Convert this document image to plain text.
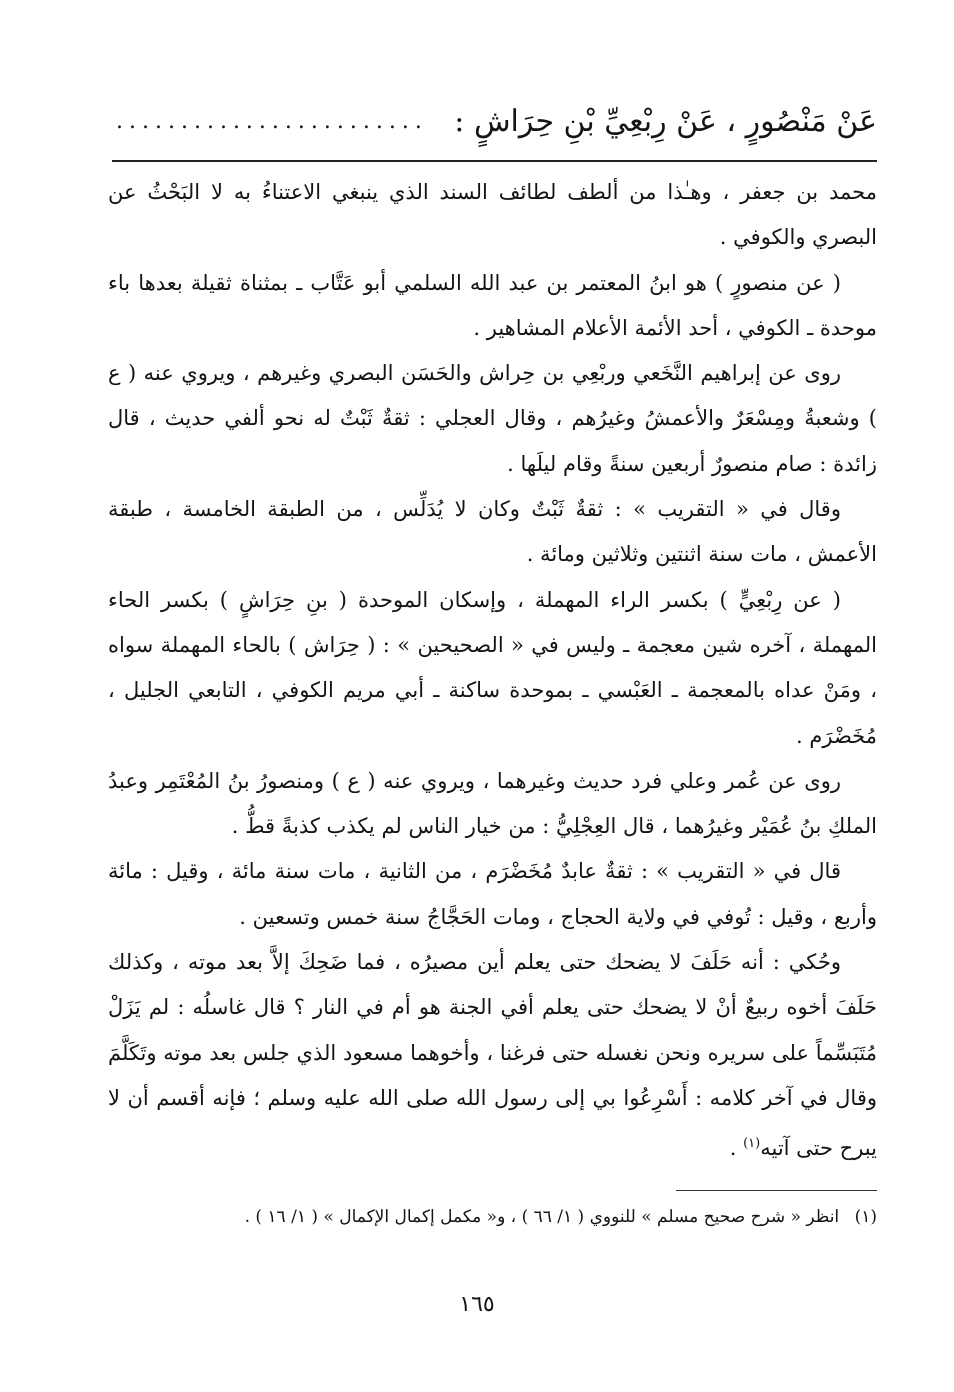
عَنْ مَنْصُورٍ ، عَنْ رِبْعِيِّ بْنِ حِرَاشٍ :
........................

محمد بن جعفر ، وهـٰذا من ألطف لطائف السند الذي ينبغي الاعتناءُ به لا البَحْثُ عن البصري والكوفي .

( عن منصورٍ ) هو ابنُ المعتمر بن عبد الله السلمي أبو عَتَّاب ـ بمثناة ثقيلة بعدها باء موحدة ـ الكوفي ، أحد الأئمة الأعلام المشاهير .

روى عن إبراهيم النَّخَعي وربْعِي بن حِراش والحَسَن البصري وغيرهم ، ويروي عنه ( ع ) وشعبةُ ومِسْعَرٌ والأعمشُ وغيرُهم ، وقال العجلي : ثقةٌ ثَبْتٌ له نحو ألفي حديث ، قال زائدة : صام منصورٌ أربعين سنةً وقام ليلَها .

وقال في « التقريب » : ثقةٌ ثَبْتٌ وكان لا يُدَلِّس ، من الطبقة الخامسة ، طبقة الأعمش ، مات سنة اثنتين وثلاثين ومائة .

( عن رِبْعِيٍّ ) بكسر الراء المهملة ، وإسكان الموحدة ( بنِ حِرَاشٍ ) بكسر الحاء المهملة ، آخره شين معجمة ـ وليس في « الصحيحين » : ( حِرَاش ) بالحاء المهملة سواه ، ومَنْ عداه بالمعجمة ـ العَبْسي ـ بموحدة ساكنة ـ أبي مريم الكوفي ، التابعي الجليل ، مُخَضْرَم .

روى عن عُمر وعلي فرد حديث وغيرهما ، ويروي عنه ( ع ) ومنصورُ بنُ المُعْتَمِر وعبدُ الملكِ بنُ عُمَيْر وغيرُهما ، قال العِجْلِيُّ : من خيار الناس لم يكذب كذبةً قطُّ .

قال في « التقريب » : ثقةٌ عابدٌ مُخَضْرَم ، من الثانية ، مات سنة مائة ، وقيل : مائة وأربع ، وقيل : تُوفي في ولاية الحجاج ، ومات الحَجَّاجُ سنة خمس وتسعين .

وحُكي : أنه حَلَفَ لا يضحك حتى يعلم أين مصيرُه ، فما ضَحِكَ إلاَّ بعد موته ، وكذلك حَلَفَ أخوه ربيعٌ أنْ لا يضحك حتى يعلم أفي الجنة هو أم في النار ؟ قال غاسلُه : لم يَزَلْ مُتَبَسِّماً على سريره ونحن نغسله حتى فرغنا ، وأخوهما مسعود الذي جلس بعد موته وتَكَلَّمَ وقال في آخر كلامه : أَسْرِعُوا بي إلى رسول الله صلى الله عليه وسلم ؛ فإنه أقسم أن لا يبرح حتى آتيه$^{(١)}$ .

(١) انظر « شرح صحيح مسلم » للنووي ( ١/ ٦٦ ) ، و« مكمل إكمال الإكمال » ( ١/ ١٦ ) .
١٦٥
